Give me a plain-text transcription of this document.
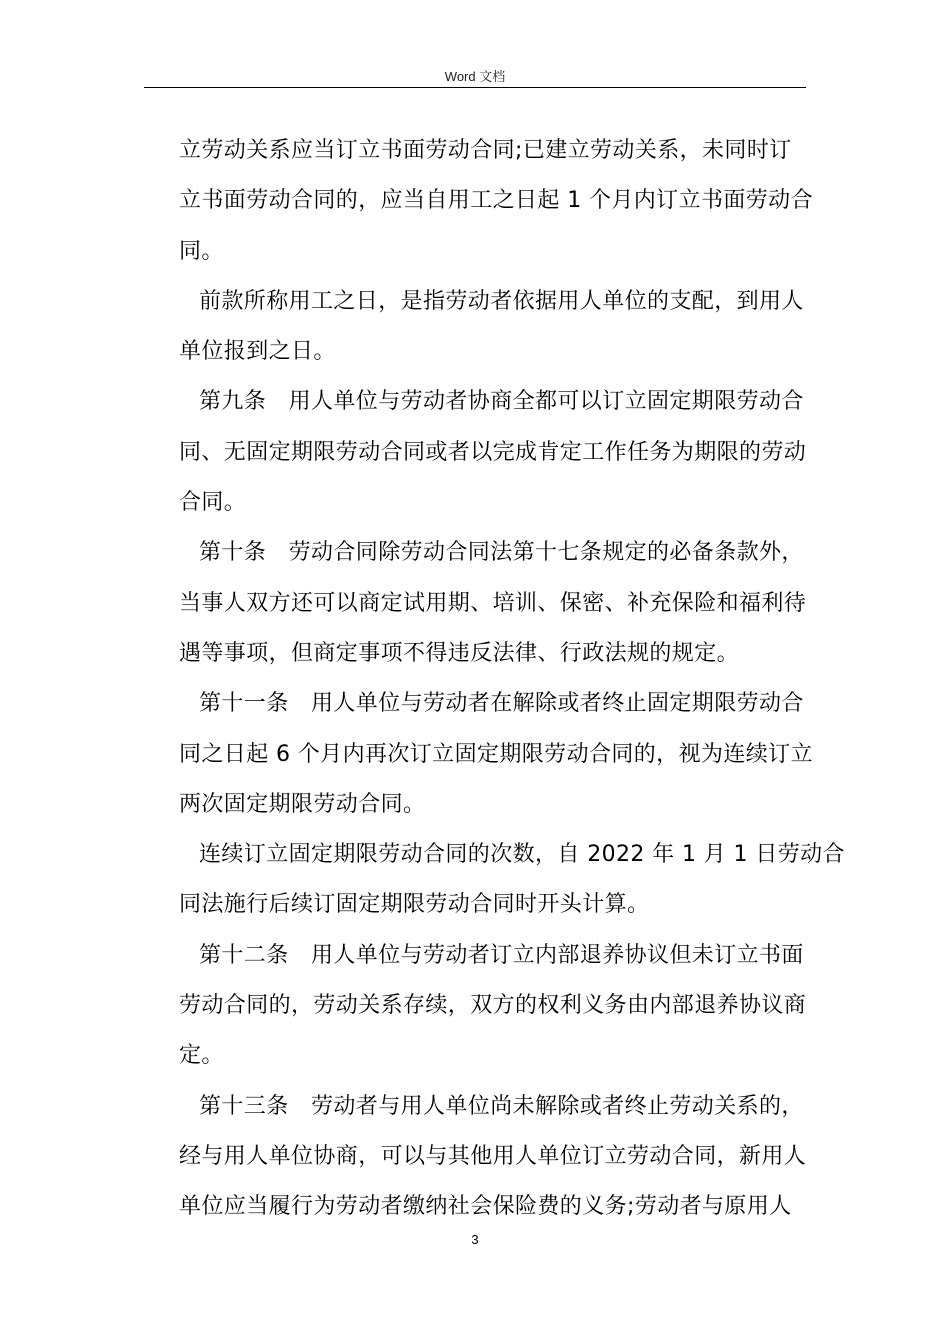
Word 文档
立劳动关系应当订立书面劳动合同;已建立劳动关系，未同时订
立书面劳动合同的，应当自用工之日起 1 个月内订立书面劳动合
同。
前款所称用工之日，是指劳动者依据用人单位的支配，到用人
单位报到之日。
第九条　用人单位与劳动者协商全都可以订立固定期限劳动合
同、无固定期限劳动合同或者以完成肯定工作任务为期限的劳动
合同。
第十条　劳动合同除劳动合同法第十七条规定的必备条款外，
当事人双方还可以商定试用期、培训、保密、补充保险和福利待
遇等事项，但商定事项不得违反法律、行政法规的规定。
第十一条　用人单位与劳动者在解除或者终止固定期限劳动合
同之日起 6 个月内再次订立固定期限劳动合同的，视为连续订立
两次固定期限劳动合同。
连续订立固定期限劳动合同的次数，自 2022 年 1 月 1 日劳动合
同法施行后续订固定期限劳动合同时开头计算。
第十二条　用人单位与劳动者订立内部退养协议但未订立书面
劳动合同的，劳动关系存续，双方的权利义务由内部退养协议商
定。
第十三条　劳动者与用人单位尚未解除或者终止劳动关系的，
经与用人单位协商，可以与其他用人单位订立劳动合同，新用人
单位应当履行为劳动者缴纳社会保险费的义务;劳动者与原用人
3
